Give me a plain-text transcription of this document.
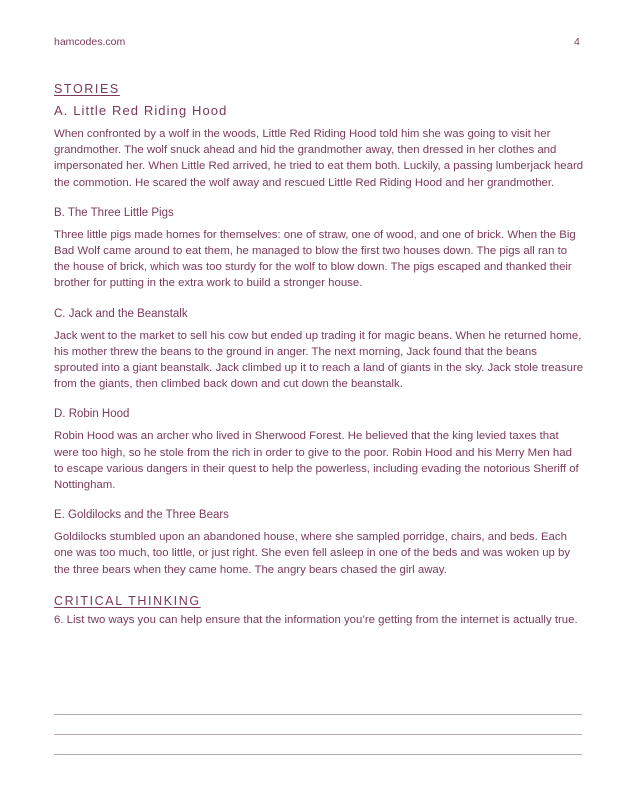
hamcodes.com	4
STORIES
A. Little Red Riding Hood

When confronted by a wolf in the woods, Little Red Riding Hood told him she was going to visit her grandmother. The wolf snuck ahead and hid the grandmother away, then dressed in her clothes and impersonated her. When Little Red arrived, he tried to eat them both. Luckily, a passing lumberjack heard the commotion. He scared the wolf away and rescued Little Red Riding Hood and her grandmother.

B. The Three Little Pigs

Three little pigs made homes for themselves: one of straw, one of wood, and one of brick. When the Big Bad Wolf came around to eat them, he managed to blow the first two houses down. The pigs all ran to the house of brick, which was too sturdy for the wolf to blow down. The pigs escaped and thanked their brother for putting in the extra work to build a stronger house.

C. Jack and the Beanstalk

Jack went to the market to sell his cow but ended up trading it for magic beans. When he returned home, his mother threw the beans to the ground in anger. The next morning, Jack found that the beans sprouted into a giant beanstalk. Jack climbed up it to reach a land of giants in the sky. Jack stole treasure from the giants, then climbed back down and cut down the beanstalk.

D. Robin Hood

Robin Hood was an archer who lived in Sherwood Forest. He believed that the king levied taxes that were too high, so he stole from the rich in order to give to the poor. Robin Hood and his Merry Men had to escape various dangers in their quest to help the powerless, including evading the notorious Sheriff of Nottingham.

E. Goldilocks and the Three Bears

Goldilocks stumbled upon an abandoned house, where she sampled porridge, chairs, and beds. Each one was too much, too little, or just right. She even fell asleep in one of the beds and was woken up by the three bears when they came home. The angry bears chased the girl away.

CRITICAL THINKING

6. List two ways you can help ensure that the information you’re getting from the internet is actually true.
